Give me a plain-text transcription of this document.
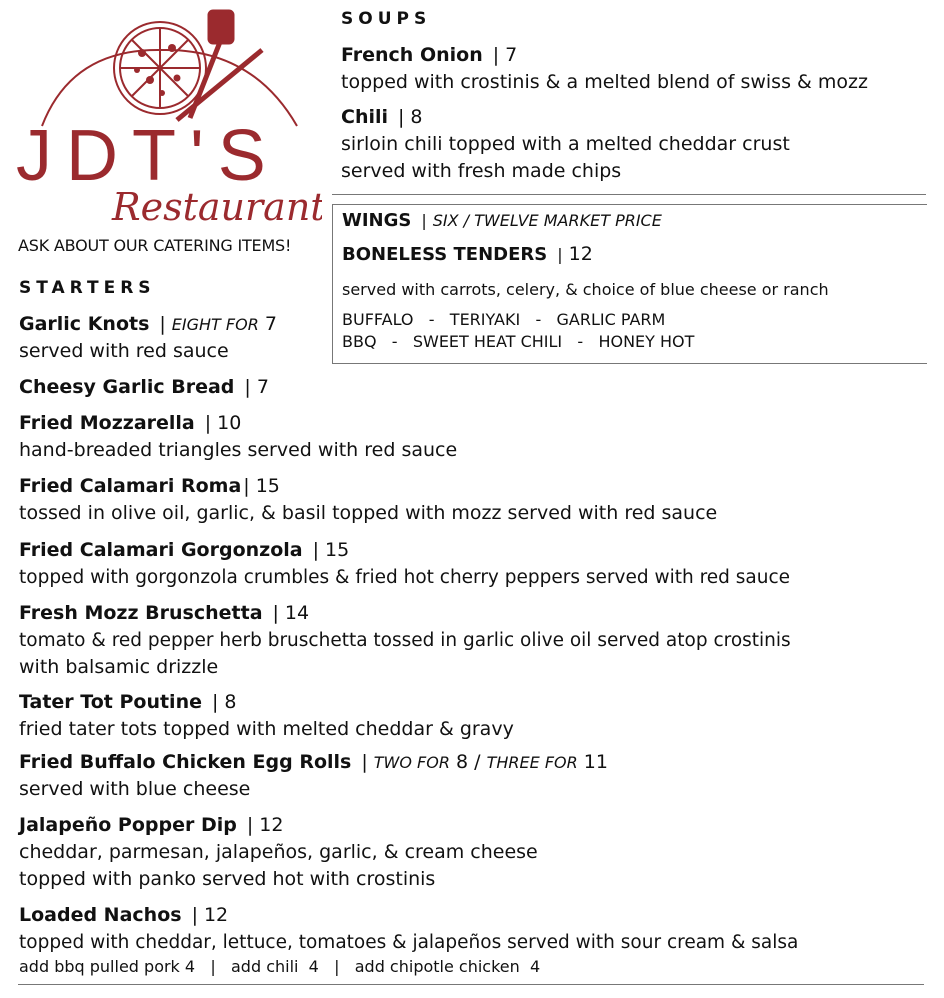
JDT'S
Restaurant
ASK ABOUT OUR CATERING ITEMS!
SOUPS
French Onion | 7
topped with crostinis & a melted blend of swiss & mozz
Chili | 8
sirloin chili topped with a melted cheddar crust
served with fresh made chips
WINGS | SIX / TWELVE MARKET PRICE
BONELESS TENDERS | 12
served with carrots, celery, & choice of blue cheese or ranch
BUFFALO   -   TERIYAKI   -   GARLIC PARM
BBQ   -   SWEET HEAT CHILI   -   HONEY HOT
STARTERS
Garlic Knots | EIGHT FOR 7
served with red sauce
Cheesy Garlic Bread | 7
Fried Mozzarella | 10
hand-breaded triangles served with red sauce
Fried Calamari Roma | 15
tossed in olive oil, garlic, & basil topped with mozz served with red sauce
Fried Calamari Gorgonzola | 15
topped with gorgonzola crumbles & fried hot cherry peppers served with red sauce
Fresh Mozz Bruschetta | 14
tomato & red pepper herb bruschetta tossed in garlic olive oil served atop crostinis
with balsamic drizzle
Tater Tot Poutine | 8
fried tater tots topped with melted cheddar & gravy
Fried Buffalo Chicken Egg Rolls | TWO FOR 8 / THREE FOR 11
served with blue cheese
Jalapeño Popper Dip | 12
cheddar, parmesan, jalapeños, garlic, & cream cheese
topped with panko served hot with crostinis
Loaded Nachos | 12
topped with cheddar, lettuce, tomatoes & jalapeños served with sour cream & salsa
add bbq pulled pork 4   |   add chili  4   |   add chipotle chicken  4
